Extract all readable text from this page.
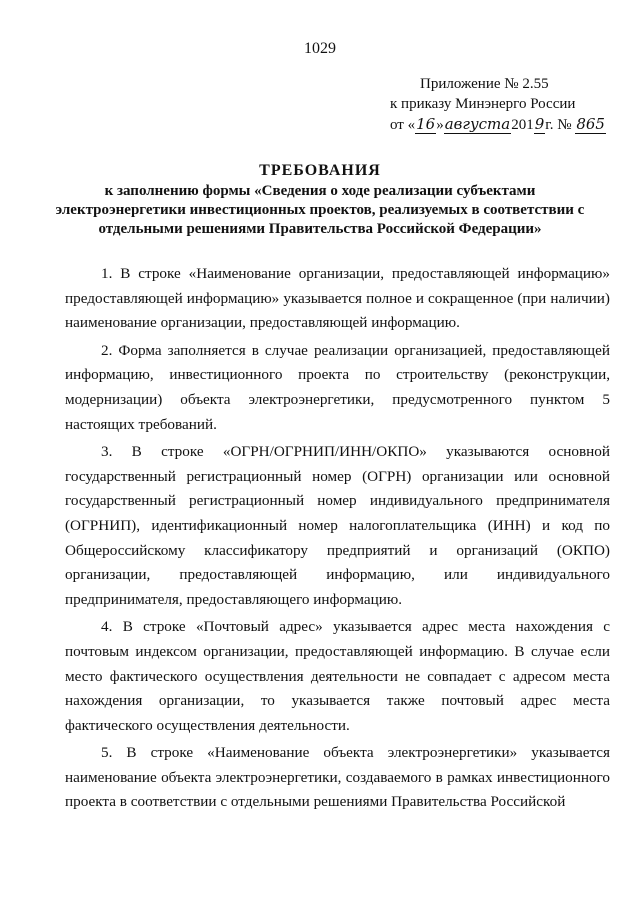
1029
Приложение № 2.55
к приказу Минэнерго России
от «16»августа2019г. № 865
ТРЕБОВАНИЯ
к заполнению формы «Сведения о ходе реализации субъектами
электроэнергетики инвестиционных проектов, реализуемых в соответствии с
отдельными решениями Правительства Российской Федерации»

1. В строке «Наименование организации, предоставляющей информацию» предоставляющей информацию» указывается полное и сокращенное (при наличии) наименование организации, предоставляющей информацию.

2. Форма заполняется в случае реализации организацией, предоставляющей информацию, инвестиционного проекта по строительству (реконструкции, модернизации) объекта электроэнергетики, предусмотренного пунктом 5 настоящих требований.

3. В строке «ОГРН/ОГРНИП/ИНН/ОКПО» указываются основной государственный регистрационный номер (ОГРН) организации или основной государственный регистрационный номер индивидуального предпринимателя (ОГРНИП), идентификационный номер налогоплательщика (ИНН) и код по Общероссийскому классификатору предприятий и организаций (ОКПО) организации, предоставляющей информацию, или индивидуального предпринимателя, предоставляющего информацию.

4. В строке «Почтовый адрес» указывается адрес места нахождения с почтовым индексом организации, предоставляющей информацию. В случае если место фактического осуществления деятельности не совпадает с адресом места нахождения организации, то указывается также почтовый адрес места фактического осуществления деятельности.

5. В строке «Наименование объекта электроэнергетики» указывается наименование объекта электроэнергетики, создаваемого в рамках инвестиционного проекта в соответствии с отдельными решениями Правительства Российской
